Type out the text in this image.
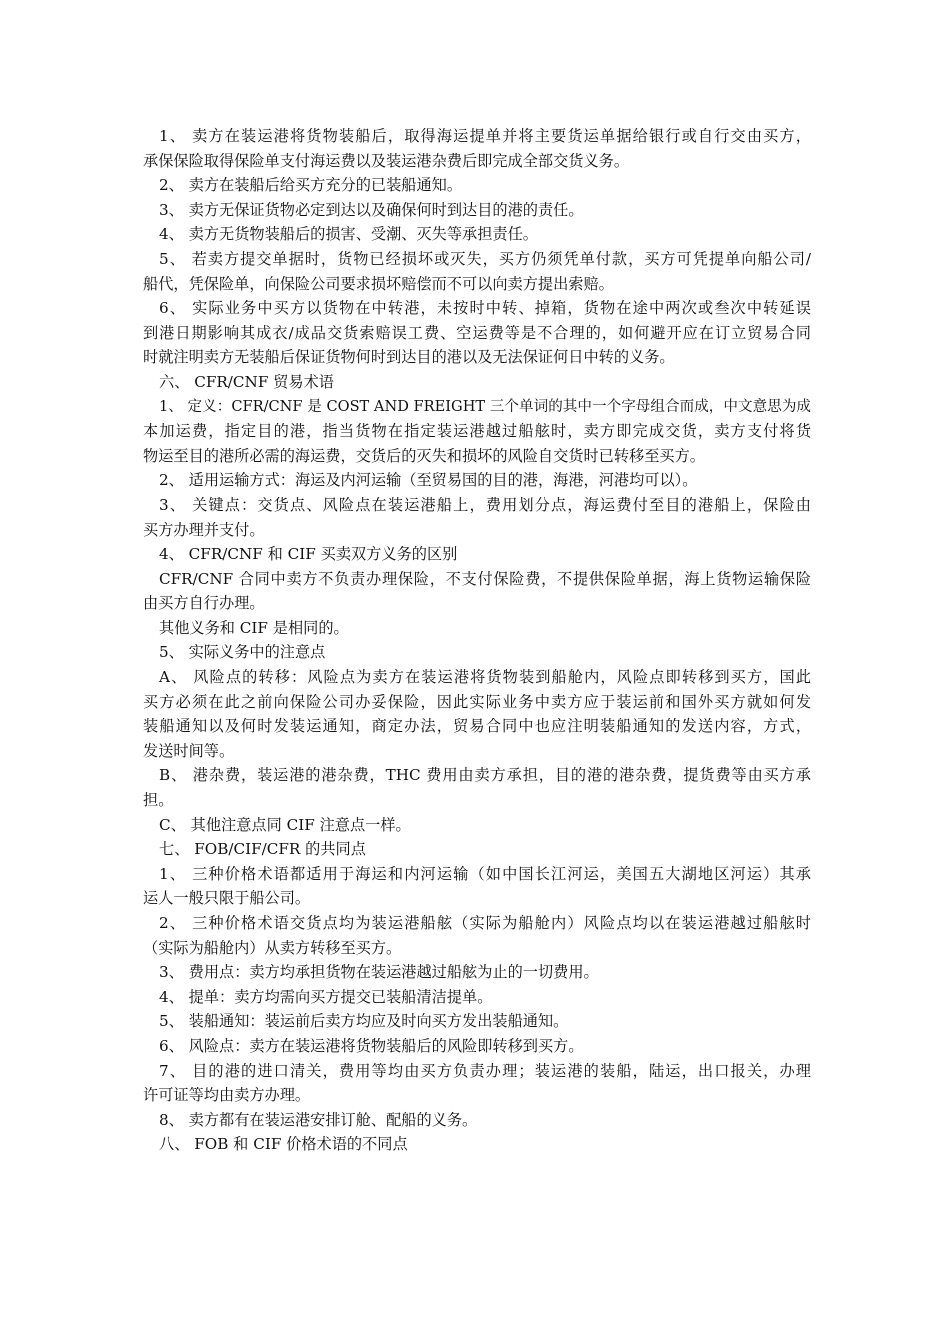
1、 卖方在装运港将货物装船后，取得海运提单并将主要货运单据给银行或自行交由买方，
承保保险取得保险单支付海运费以及装运港杂费后即完成全部交货义务。
2、 卖方在装船后给买方充分的已装船通知。
3、 卖方无保证货物必定到达以及确保何时到达目的港的责任。
4、 卖方无货物装船后的损害、受潮、灭失等承担责任。
5、 若卖方提交单据时，货物已经损坏或灭失，买方仍须凭单付款，买方可凭提单向船公司/
船代，凭保险单，向保险公司要求损坏赔偿而不可以向卖方提出索赔。
6、 实际业务中买方以货物在中转港，未按时中转、掉箱，货物在途中两次或叁次中转延误
到港日期影响其成衣/成品交货索赔误工费、空运费等是不合理的，如何避开应在订立贸易合同
时就注明卖方无装船后保证货物何时到达目的港以及无法保证何日中转的义务。
六、 CFR/CNF 贸易术语
1、 定义：CFR/CNF 是 COST AND FREIGHT 三个单词的其中一个字母组合而成，中文意思为成
本加运费，指定目的港，指当货物在指定装运港越过船舷时，卖方即完成交货，卖方支付将货
物运至目的港所必需的海运费，交货后的灭失和损坏的风险自交货时已转移至买方。
2、 适用运输方式：海运及内河运输（至贸易国的目的港，海港，河港均可以）。
3、 关键点：交货点、风险点在装运港船上，费用划分点，海运费付至目的港船上，保险由
买方办理并支付。
4、 CFR/CNF 和 CIF 买卖双方义务的区别
CFR/CNF 合同中卖方不负责办理保险，不支付保险费，不提供保险单据，海上货物运输保险
由买方自行办理。
其他义务和 CIF 是相同的。
5、 实际义务中的注意点
A、 风险点的转移：风险点为卖方在装运港将货物装到船舱内，风险点即转移到买方，国此
买方必须在此之前向保险公司办妥保险，因此实际业务中卖方应于装运前和国外买方就如何发
装船通知以及何时发装运通知，商定办法，贸易合同中也应注明装船通知的发送内容，方式，
发送时间等。
B、 港杂费，装运港的港杂费，THC 费用由卖方承担，目的港的港杂费，提货费等由买方承
担。
C、 其他注意点同 CIF 注意点一样。
七、 FOB/CIF/CFR 的共同点
1、 三种价格术语都适用于海运和内河运输（如中国长江河运，美国五大湖地区河运）其承
运人一般只限于船公司。
2、 三种价格术语交货点均为装运港船舷（实际为船舱内）风险点均以在装运港越过船舷时
（实际为船舱内）从卖方转移至买方。
3、 费用点：卖方均承担货物在装运港越过船舷为止的一切费用。
4、 提单：卖方均需向买方提交已装船清洁提单。
5、 装船通知：装运前后卖方均应及时向买方发出装船通知。
6、 风险点：卖方在装运港将货物装船后的风险即转移到买方。
7、 目的港的进口清关，费用等均由买方负责办理；装运港的装船，陆运，出口报关，办理
许可证等均由卖方办理。
8、 卖方都有在装运港安排订舱、配船的义务。
八、 FOB 和 CIF 价格术语的不同点
